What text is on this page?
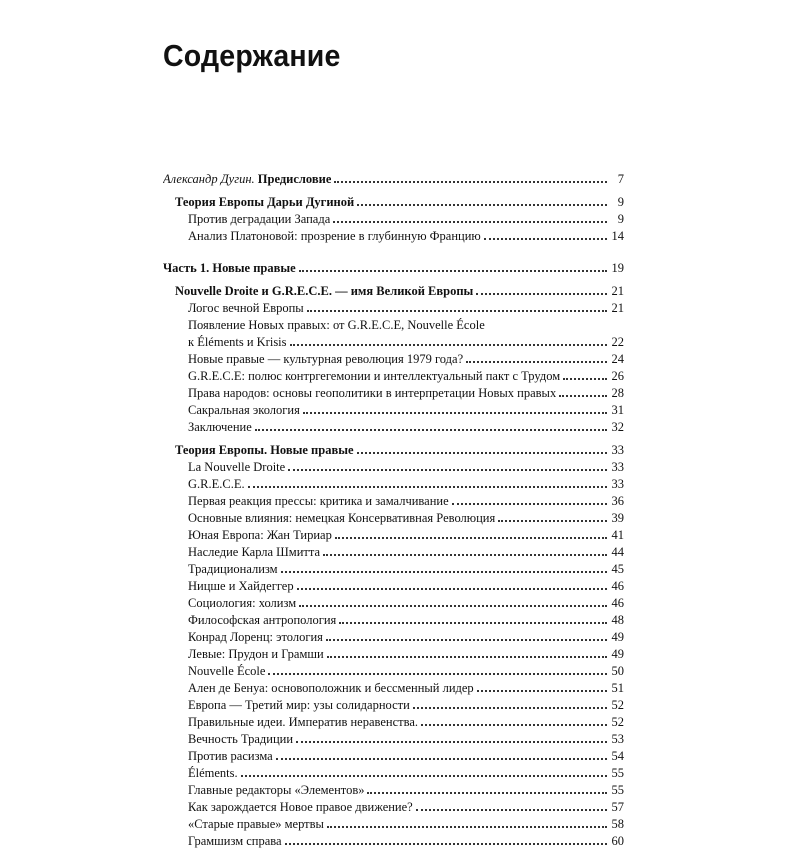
Содержание
Александр Дугин. Предисловие	7
Теория Европы Дарьи Дугиной	9
Против деградации Запада	9
Анализ Платоновой: прозрение в глубинную Францию	14
Часть 1. Новые правые	19
Nouvelle Droite и G.R.E.C.E. — имя Великой Европы	21
Логос вечной Европы	21
Появление Новых правых: от G.R.E.C.E, Nouvelle École
к Éléments и Krisis	22
Новые правые — культурная революция 1979 года?	24
G.R.E.C.E: полюс контргегемонии и интеллектуальный пакт с Трудом	26
Права народов: основы геополитики в интерпретации Новых правых	28
Сакральная экология	31
Заключение	32
Теория Европы. Новые правые	33
La Nouvelle Droite	33
G.R.E.C.E.	33
Первая реакция прессы: критика и замалчивание	36
Основные влияния: немецкая Консервативная Революция	39
Юная Европа: Жан Тириар	41
Наследие Карла Шмитта	44
Традиционализм	45
Ницше и Хайдеггер	46
Социология: холизм	46
Философская антропология	48
Конрад Лоренц: этология	49
Левые: Прудон и Грамши	49
Nouvelle École	50
Ален де Бенуа: основоположник и бессменный лидер	51
Европа — Третий мир: узы солидарности	52
Правильные идеи. Императив неравенства.	52
Вечность Традиции	53
Против расизма	54
Éléments.	55
Главные редакторы «Элементов»	55
Как зарождается Новое правое движение?	57
«Старые правые» мертвы	58
Грамшизм справа	60
